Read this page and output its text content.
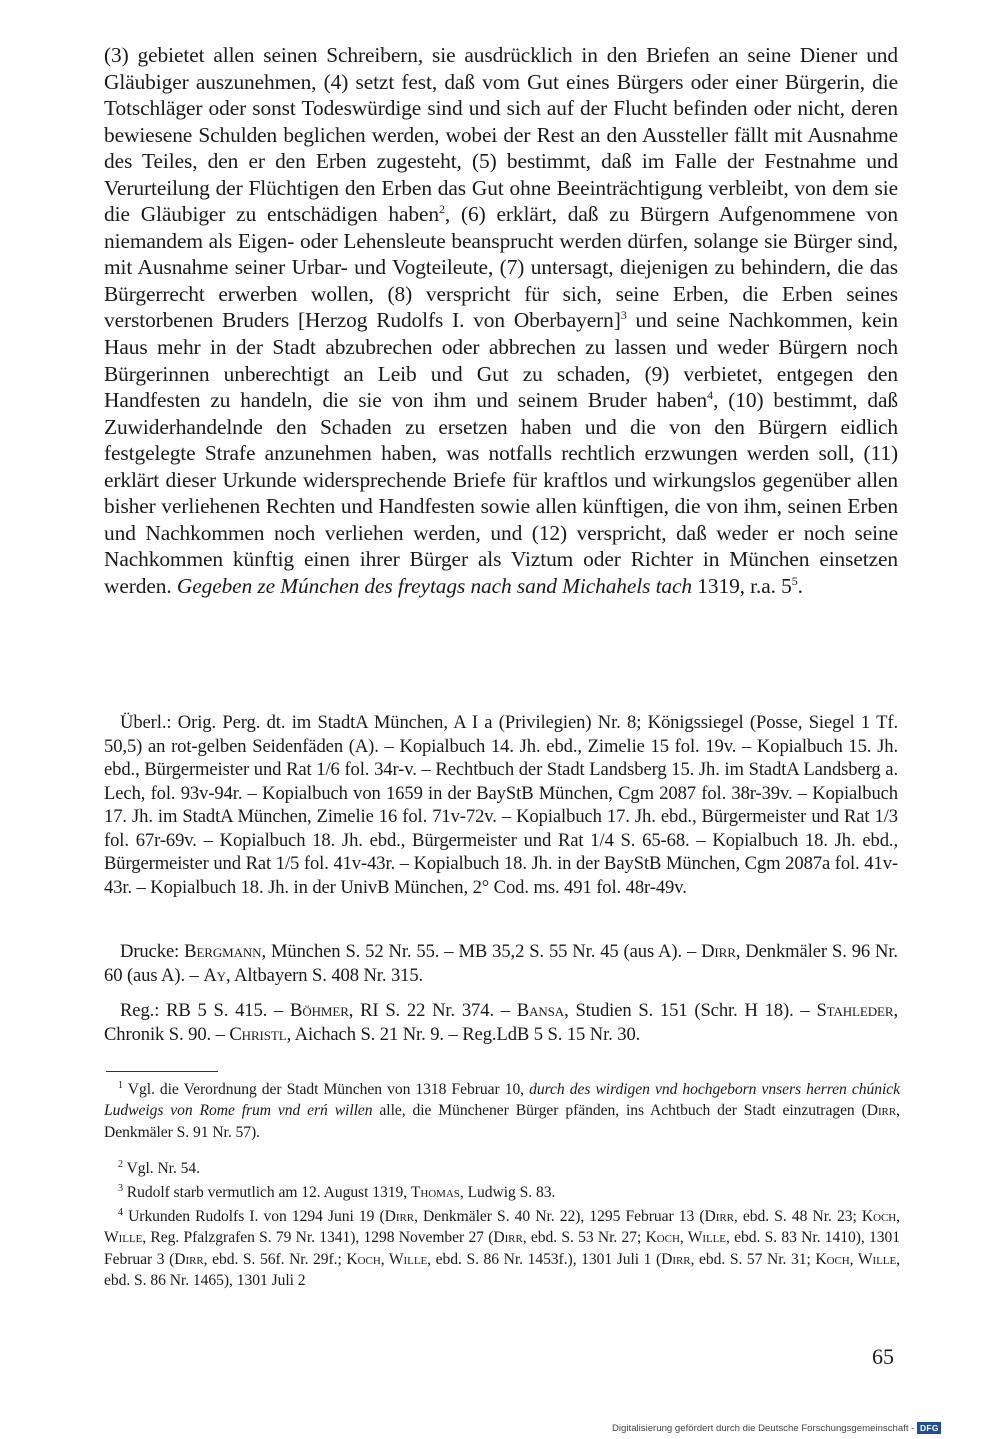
(3) gebietet allen seinen Schreibern, sie ausdrücklich in den Briefen an seine Diener und Gläubiger auszunehmen, (4) setzt fest, daß vom Gut eines Bürgers oder einer Bürgerin, die Totschläger oder sonst Todeswürdige sind und sich auf der Flucht befinden oder nicht, deren bewiesene Schulden beglichen werden, wobei der Rest an den Aussteller fällt mit Ausnahme des Teiles, den er den Erben zugesteht, (5) bestimmt, daß im Falle der Festnahme und Verurteilung der Flüchtigen den Erben das Gut ohne Beeinträchtigung verbleibt, von dem sie die Gläubiger zu entschädigen haben$^2$, (6) erklärt, daß zu Bürgern Aufgenommene von niemandem als Eigen- oder Lehensleute beansprucht werden dürfen, solange sie Bürger sind, mit Ausnahme seiner Urbar- und Vogteileute, (7) untersagt, diejenigen zu behindern, die das Bürgerrecht erwerben wollen, (8) verspricht für sich, seine Erben, die Erben seines verstorbenen Bruders [Herzog Rudolfs I. von Oberbayern]$^3$ und seine Nachkommen, kein Haus mehr in der Stadt abzubrechen oder abbrechen zu lassen und weder Bürgern noch Bürgerinnen unberechtigt an Leib und Gut zu schaden, (9) verbietet, entgegen den Handfesten zu handeln, die sie von ihm und seinem Bruder haben$^4$, (10) bestimmt, daß Zuwiderhandelnde den Schaden zu ersetzen haben und die von den Bürgern eidlich festgelegte Strafe anzunehmen haben, was notfalls rechtlich erzwungen werden soll, (11) erklärt dieser Urkunde widersprechende Briefe für kraftlos und wirkungslos gegenüber allen bisher verliehenen Rechten und Handfesten sowie allen künftigen, die von ihm, seinen Erben und Nachkommen noch verliehen werden, und (12) verspricht, daß weder er noch seine Nachkommen künftig einen ihrer Bürger als Viztum oder Richter in München einsetzen werden. Gegeben ze Múnchen des freytags nach sand Michahels tach 1319, r.a. $5^5$.
Überl.: Orig. Perg. dt. im StadtA München, A I a (Privilegien) Nr. 8; Königssiegel (Posse, Siegel 1 Tf. 50,5) an rot-gelben Seidenfäden (A). – Kopialbuch 14. Jh. ebd., Zimelie 15 fol. 19v. – Kopialbuch 15. Jh. ebd., Bürgermeister und Rat 1/6 fol. 34r-v. – Rechtbuch der Stadt Landsberg 15. Jh. im StadtA Landsberg a. Lech, fol. 93v-94r. – Kopialbuch von 1659 in der BayStB München, Cgm 2087 fol. 38r-39v. – Kopialbuch 17. Jh. im StadtA München, Zimelie 16 fol. 71v-72v. – Kopialbuch 17. Jh. ebd., Bürgermeister und Rat 1/3 fol. 67r-69v. – Kopialbuch 18. Jh. ebd., Bürgermeister und Rat 1/4 S. 65-68. – Kopialbuch 18. Jh. ebd., Bürgermeister und Rat 1/5 fol. 41v-43r. – Kopialbuch 18. Jh. in der BayStB München, Cgm 2087a fol. 41v-43r. – Kopialbuch 18. Jh. in der UnivB München, 2° Cod. ms. 491 fol. 48r-49v.
Drucke: Bergmann, München S. 52 Nr. 55. – MB 35,2 S. 55 Nr. 45 (aus A). – Dirr, Denkmäler S. 96 Nr. 60 (aus A). – Ay, Altbayern S. 408 Nr. 315.
Reg.: RB 5 S. 415. – Böhmer, RI S. 22 Nr. 374. – Bansa, Studien S. 151 (Schr. H 18). – Stahleder, Chronik S. 90. – Christl, Aichach S. 21 Nr. 9. – Reg.LdB 5 S. 15 Nr. 30.
$^1$ Vgl. die Verordnung der Stadt München von 1318 Februar 10, durch des wirdigen vnd hochgeborn vnsers herren chúnick Ludweigs von Rome frum vnd erń willen alle, die Münchener Bürger pfänden, ins Achtbuch der Stadt einzutragen (Dirr, Denkmäler S. 91 Nr. 57).
$^2$ Vgl. Nr. 54.
$^3$ Rudolf starb vermutlich am 12. August 1319, Thomas, Ludwig S. 83.
$^4$ Urkunden Rudolfs I. von 1294 Juni 19 (Dirr, Denkmäler S. 40 Nr. 22), 1295 Februar 13 (Dirr, ebd. S. 48 Nr. 23; Koch, Wille, Reg. Pfalzgrafen S. 79 Nr. 1341), 1298 November 27 (Dirr, ebd. S. 53 Nr. 27; Koch, Wille, ebd. S. 83 Nr. 1410), 1301 Februar 3 (Dirr, ebd. S. 56f. Nr. 29f.; Koch, Wille, ebd. S. 86 Nr. 1453f.), 1301 Juli 1 (Dirr, ebd. S. 57 Nr. 31; Koch, Wille, ebd. S. 86 Nr. 1465), 1301 Juli 2
65
Digitalisierung gefördert durch die Deutsche Forschungsgemeinschaft - DFG
